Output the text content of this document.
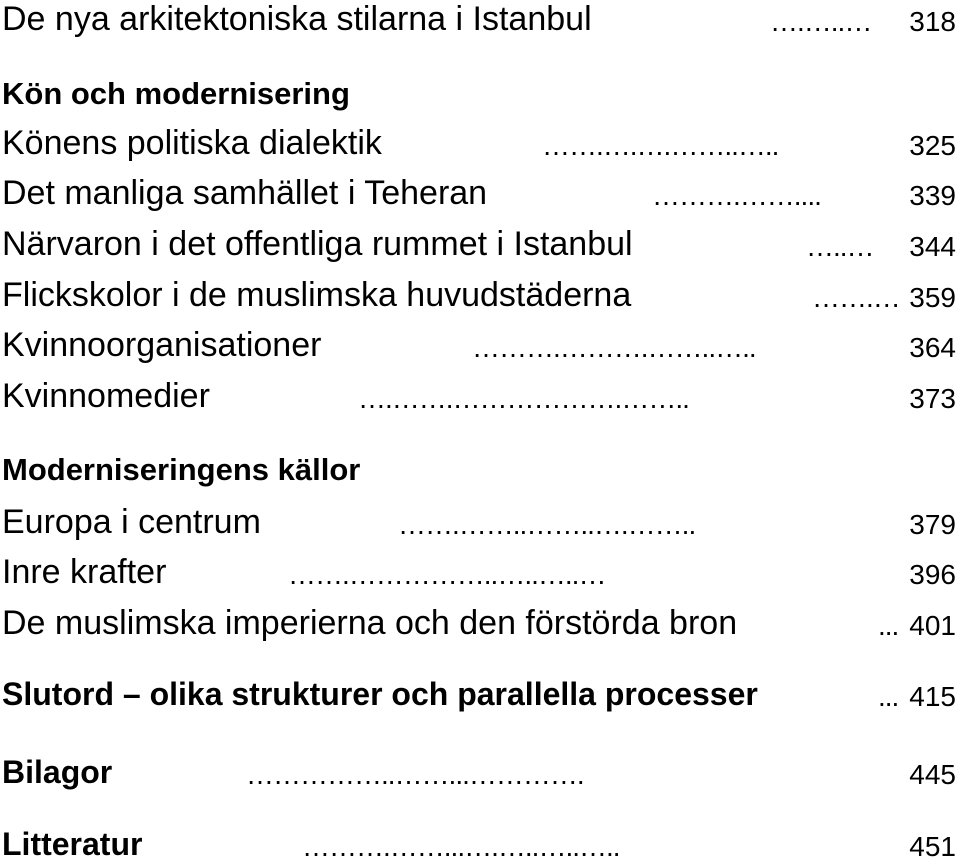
De nya arkitektoniska stilarna i Istanbul	….…..… 318
Kön och modernisering
Könens politiska dialektik	…….….….……..…..	325
Det manliga samhället i Teheran	……….……....	339
Närvaron i det offentliga rummet i Istanbul	…..… 344
Flickskolor i de muslimska huvudstäderna	…….… 359
Kvinnoorganisationer	……….……….……..…..	364
Kvinnomedier	….…….……………….……..	373
Moderniseringens källor
Europa i centrum	…….……..……..….……..	379
Inre krafter	…….……………..…..…..…	396
De muslimska imperierna och den förstörda bron	... 401
Slutord – olika strukturer och parallella processer	... 415
Bilagor	……………..……...………….	445
Litteratur	……….……...….…..…..…..	451
